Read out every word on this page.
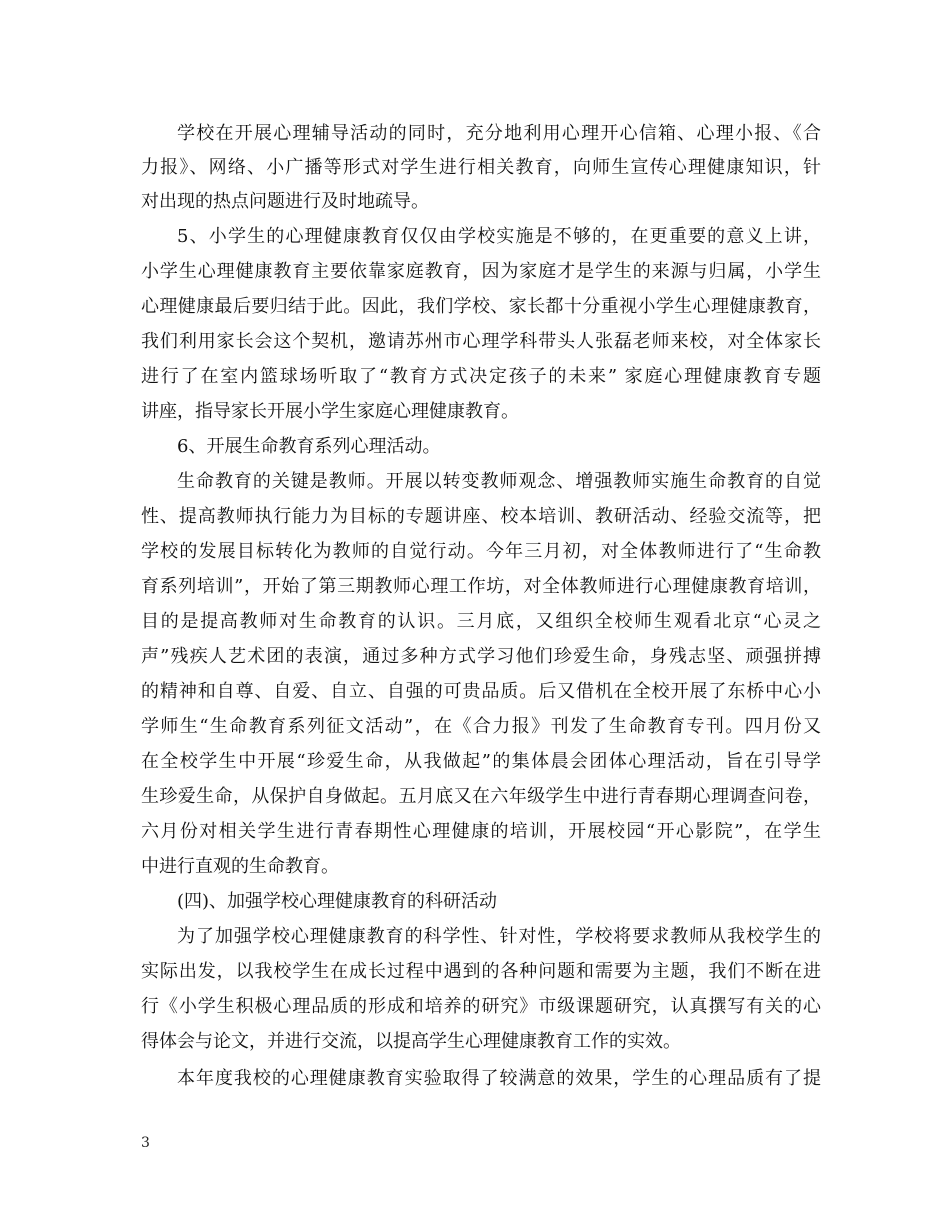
学校在开展心理辅导活动的同时，充分地利用心理开心信箱、心理小报、《合
力报》、网络、小广播等形式对学生进行相关教育，向师生宣传心理健康知识，针
对出现的热点问题进行及时地疏导。
5、小学生的心理健康教育仅仅由学校实施是不够的，在更重要的意义上讲，
小学生心理健康教育主要依靠家庭教育，因为家庭才是学生的来源与归属，小学生
心理健康最后要归结于此。因此，我们学校、家长都十分重视小学生心理健康教育，
我们利用家长会这个契机，邀请苏州市心理学科带头人张磊老师来校，对全体家长
进行了在室内篮球场听取了“教育方式决定孩子的未来” 家庭心理健康教育专题
讲座，指导家长开展小学生家庭心理健康教育。
6、开展生命教育系列心理活动。
生命教育的关键是教师。开展以转变教师观念、增强教师实施生命教育的自觉
性、提高教师执行能力为目标的专题讲座、校本培训、教研活动、经验交流等，把
学校的发展目标转化为教师的自觉行动。今年三月初，对全体教师进行了“生命教
育系列培训”，开始了第三期教师心理工作坊，对全体教师进行心理健康教育培训，
目的是提高教师对生命教育的认识。三月底，又组织全校师生观看北京“心灵之
声”残疾人艺术团的表演，通过多种方式学习他们珍爱生命，身残志坚、顽强拼搏
的精神和自尊、自爱、自立、自强的可贵品质。后又借机在全校开展了东桥中心小
学师生“生命教育系列征文活动”，在《合力报》刊发了生命教育专刊。四月份又
在全校学生中开展“珍爱生命，从我做起”的集体晨会团体心理活动，旨在引导学
生珍爱生命，从保护自身做起。五月底又在六年级学生中进行青春期心理调查问卷，
六月份对相关学生进行青春期性心理健康的培训，开展校园“开心影院”，在学生
中进行直观的生命教育。
(四)、加强学校心理健康教育的科研活动
为了加强学校心理健康教育的科学性、针对性，学校将要求教师从我校学生的
实际出发，以我校学生在成长过程中遇到的各种问题和需要为主题，我们不断在进
行《小学生积极心理品质的形成和培养的研究》市级课题研究，认真撰写有关的心
得体会与论文，并进行交流，以提高学生心理健康教育工作的实效。
本年度我校的心理健康教育实验取得了较满意的效果，学生的心理品质有了提
3
